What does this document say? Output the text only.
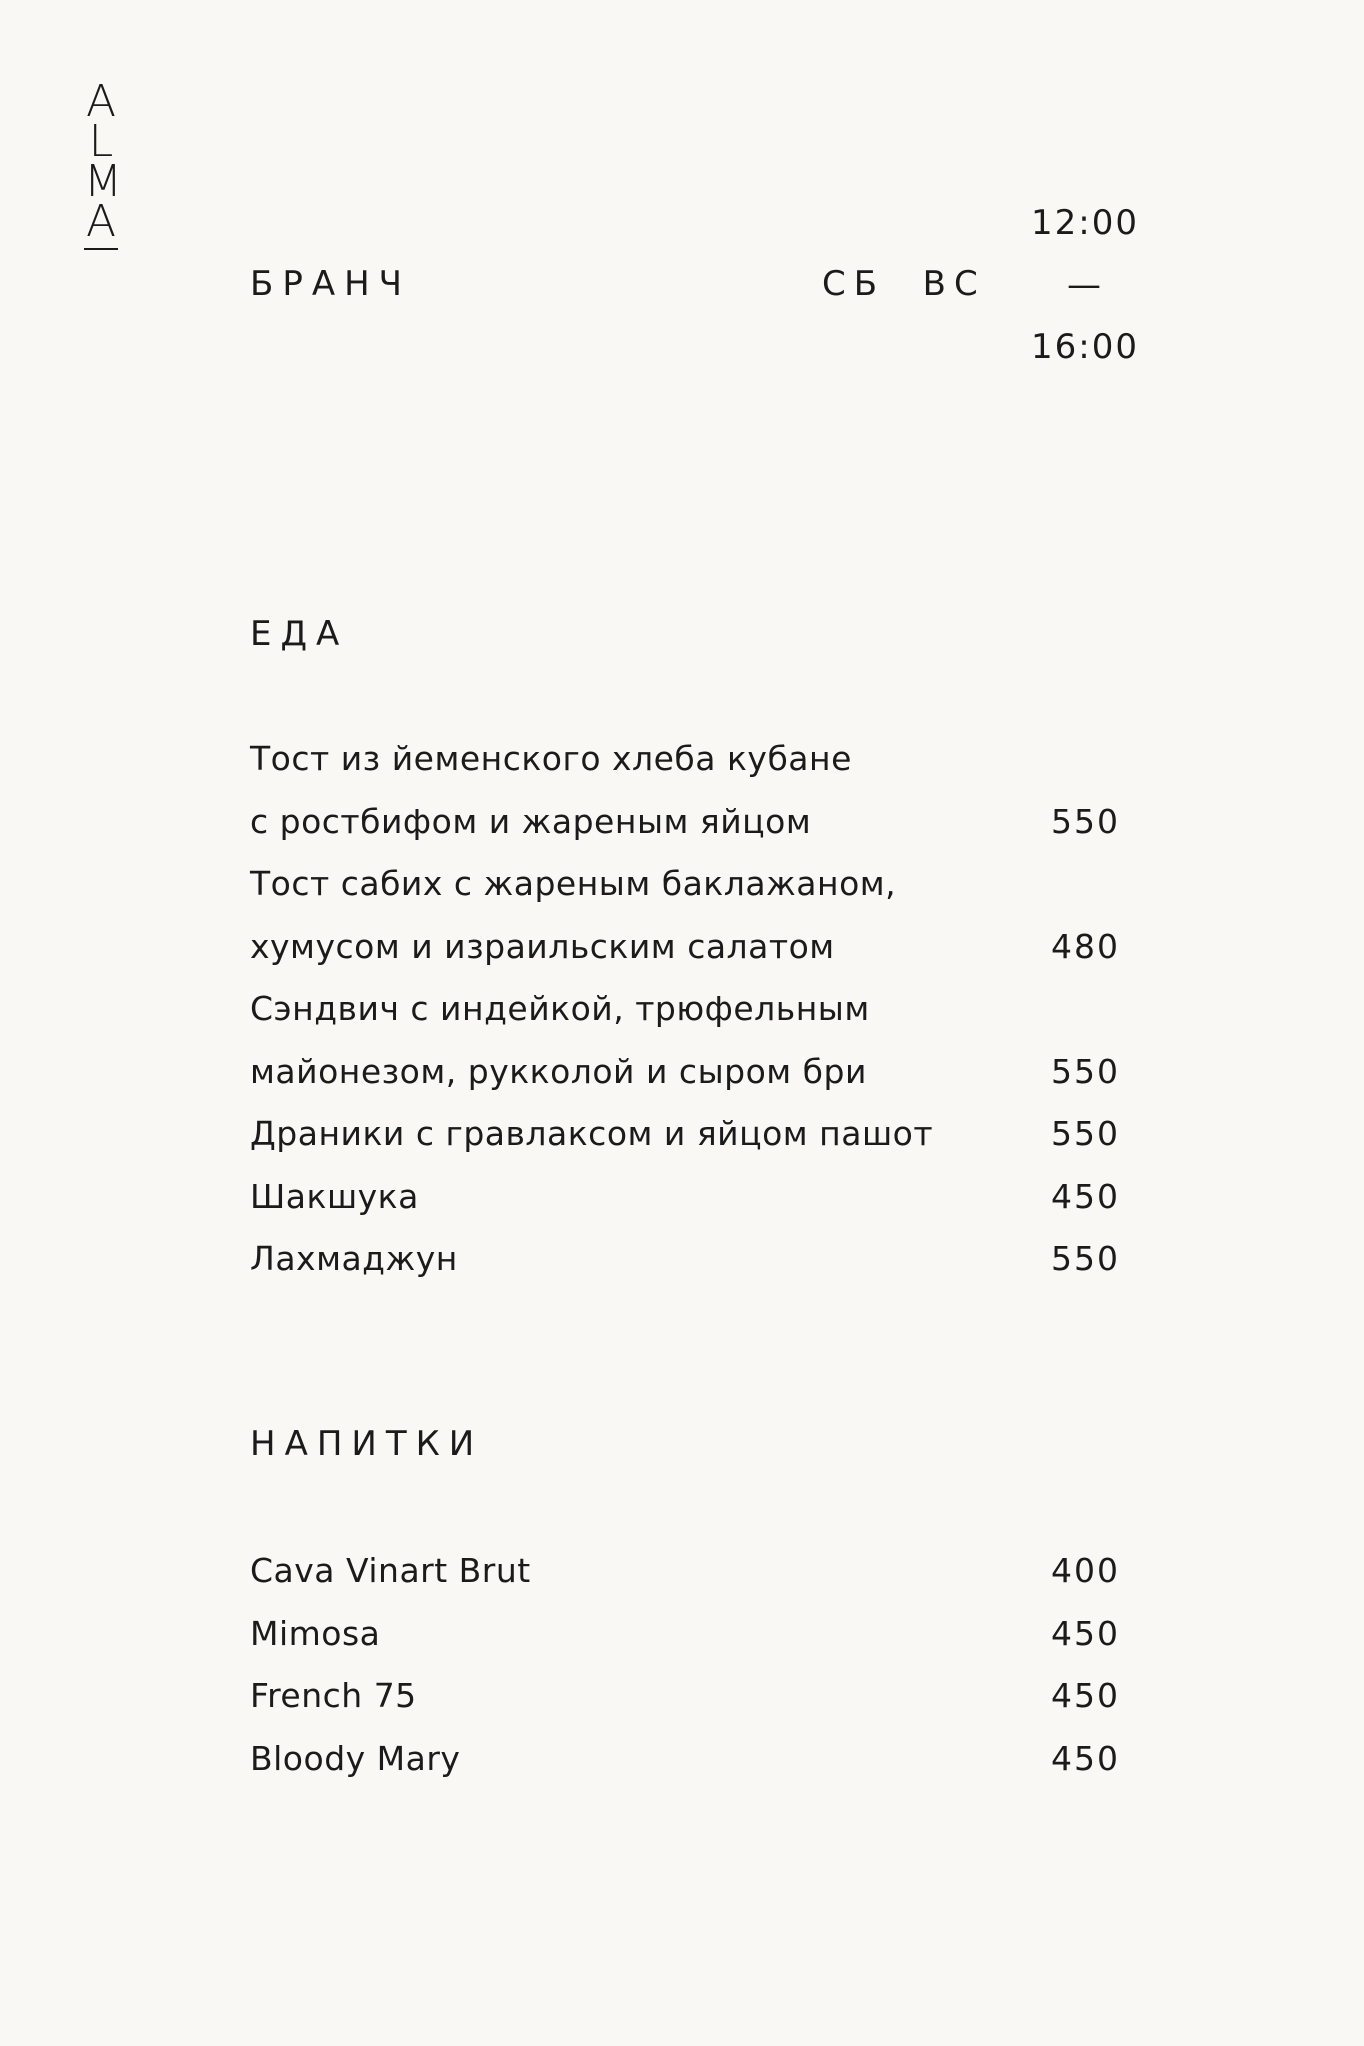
A
L
M
A
БРАНЧ	СБ  ВС
12:00
—
16:00
ЕДА
Тост из йеменского хлеба кубане
с ростбифом и жареным яйцом	550
Тост сабих с жареным баклажаном,
хумусом и израильским салатом	480
Сэндвич с индейкой, трюфельным
майонезом, рукколой и сыром бри	550
Драники с гравлаксом и яйцом пашот	550
Шакшука	450
Лахмаджун	550
НАПИТКИ
Cava Vinart Brut	400
Mimosa	450
French 75	450
Bloody Mary	450
